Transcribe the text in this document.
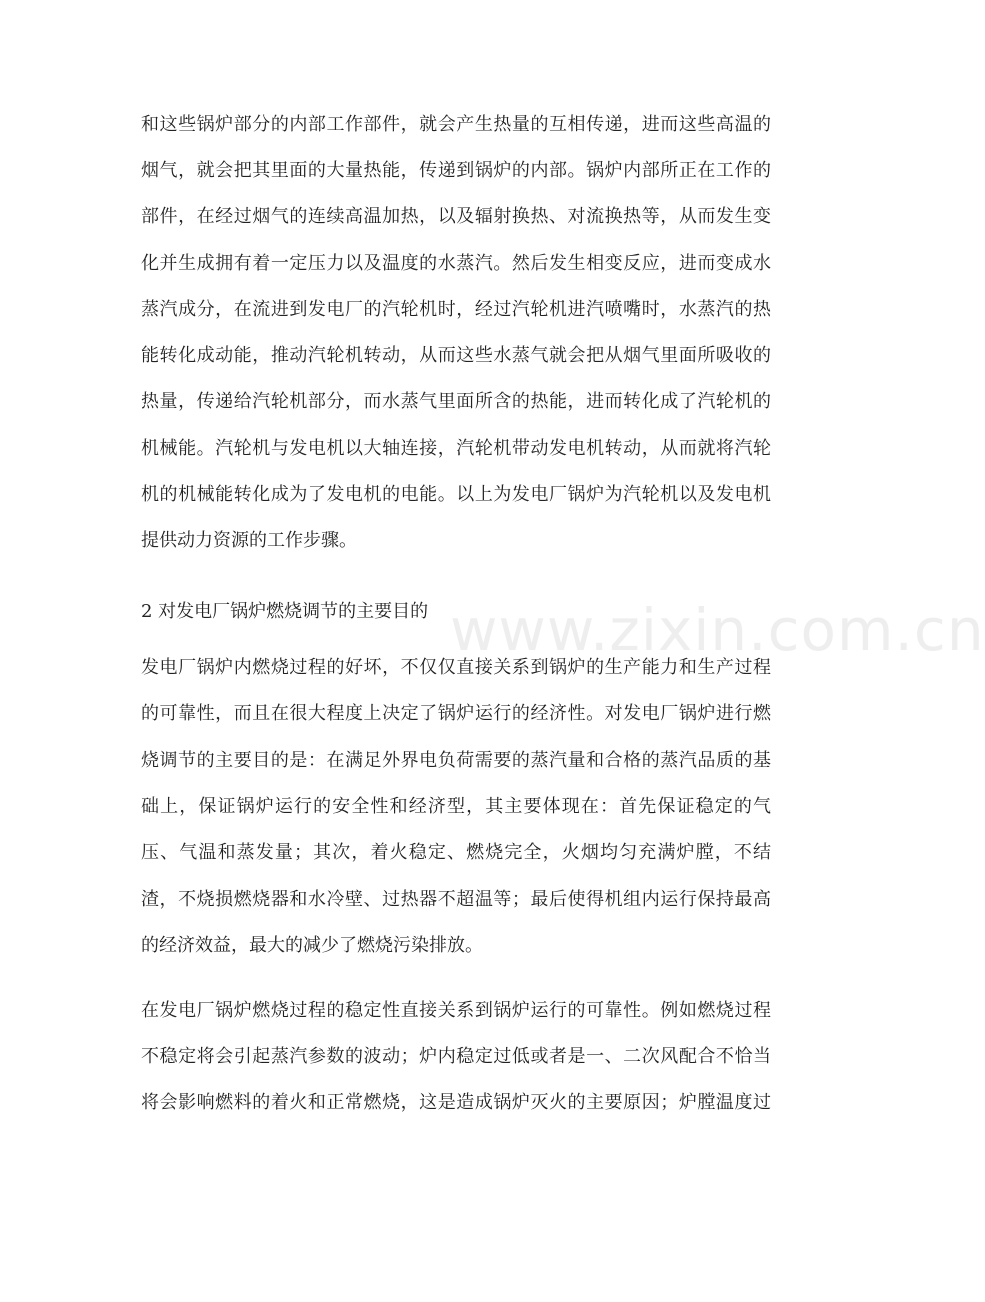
www.zixin.com.cn
和这些锅炉部分的内部工作部件，就会产生热量的互相传递，进而这些高温的
烟气，就会把其里面的大量热能，传递到锅炉的内部。锅炉内部所正在工作的
部件，在经过烟气的连续高温加热，以及辐射换热、对流换热等，从而发生变
化并生成拥有着一定压力以及温度的水蒸汽。然后发生相变反应，进而变成水
蒸汽成分，在流进到发电厂的汽轮机时，经过汽轮机进汽喷嘴时，水蒸汽的热
能转化成动能，推动汽轮机转动，从而这些水蒸气就会把从烟气里面所吸收的
热量，传递给汽轮机部分，而水蒸气里面所含的热能，进而转化成了汽轮机的
机械能。汽轮机与发电机以大轴连接，汽轮机带动发电机转动，从而就将汽轮
机的机械能转化成为了发电机的电能。以上为发电厂锅炉为汽轮机以及发电机
提供动力资源的工作步骤。
2 对发电厂锅炉燃烧调节的主要目的
发电厂锅炉内燃烧过程的好坏，不仅仅直接关系到锅炉的生产能力和生产过程
的可靠性，而且在很大程度上决定了锅炉运行的经济性。对发电厂锅炉进行燃
烧调节的主要目的是：在满足外界电负荷需要的蒸汽量和合格的蒸汽品质的基
础上，保证锅炉运行的安全性和经济型，其主要体现在：首先保证稳定的气
压、气温和蒸发量；其次，着火稳定、燃烧完全，火烟均匀充满炉膛，不结
渣，不烧损燃烧器和水冷壁、过热器不超温等；最后使得机组内运行保持最高
的经济效益，最大的减少了燃烧污染排放。
在发电厂锅炉燃烧过程的稳定性直接关系到锅炉运行的可靠性。例如燃烧过程
不稳定将会引起蒸汽参数的波动；炉内稳定过低或者是一、二次风配合不恰当
将会影响燃料的着火和正常燃烧，这是造成锅炉灭火的主要原因；炉膛温度过
